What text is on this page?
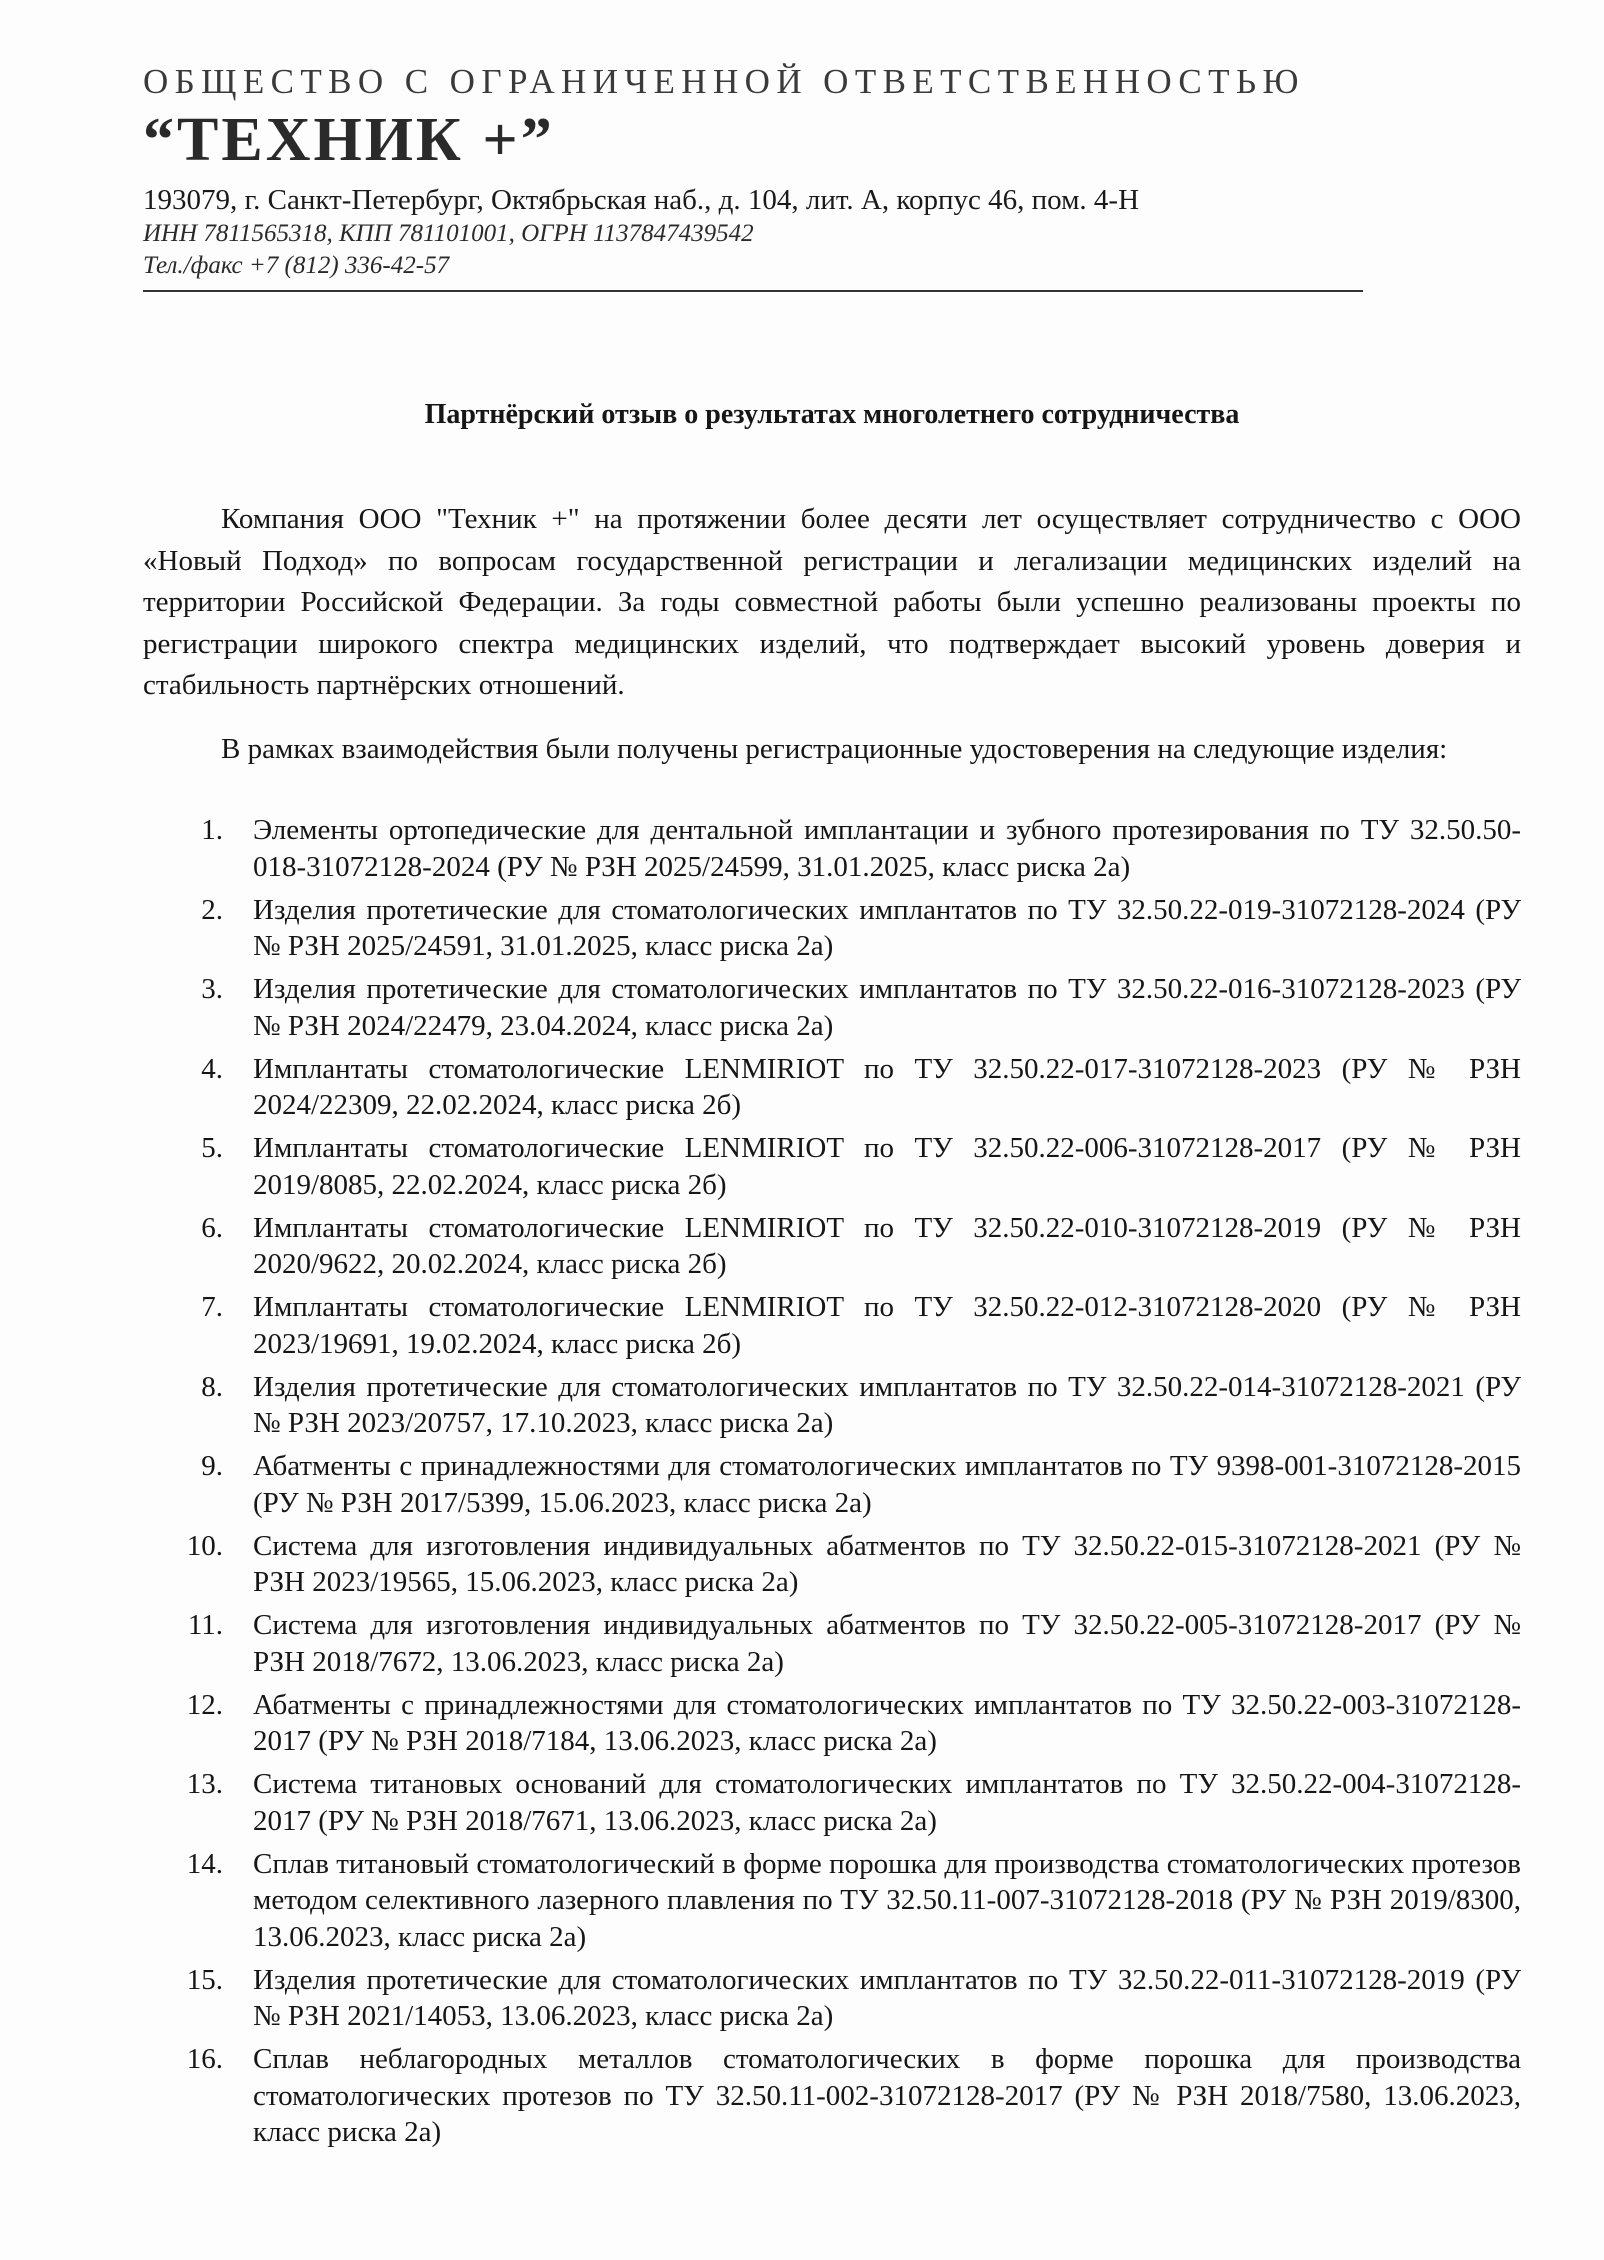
ОБЩЕСТВО С ОГРАНИЧЕННОЙ ОТВЕТСТВЕННОСТЬЮ
“ТЕХНИК +”
193079, г. Санкт-Петербург, Октябрьская наб., д. 104, лит. А, корпус 46, пом. 4-Н
ИНН 7811565318, КПП 781101001, ОГРН 1137847439542
Тел./факс +7 (812) 336-42-57
Партнёрский отзыв о результатах многолетнего сотрудничества

Компания ООО "Техник +" на протяжении более десяти лет осуществляет сотрудничество с ООО «Новый Подход» по вопросам государственной регистрации и легализации медицинских изделий на территории Российской Федерации. За годы совместной работы были успешно реализованы проекты по регистрации широкого спектра медицинских изделий, что подтверждает высокий уровень доверия и стабильность партнёрских отношений.

В рамках взаимодействия были получены регистрационные удостоверения на следующие изделия:

1. Элементы ортопедические для дентальной имплантации и зубного протезирования по ТУ 32.50.50-018-31072128-2024 (РУ № РЗН 2025/24599, 31.01.2025, класс риска 2а)
2. Изделия протетические для стоматологических имплантатов по ТУ 32.50.22-019-31072128-2024 (РУ № РЗН 2025/24591, 31.01.2025, класс риска 2а)
3. Изделия протетические для стоматологических имплантатов по ТУ 32.50.22-016-31072128-2023 (РУ № РЗН 2024/22479, 23.04.2024, класс риска 2а)
4. Имплантаты стоматологические LENMIRIOT по ТУ 32.50.22-017-31072128-2023 (РУ № РЗН 2024/22309, 22.02.2024, класс риска 2б)
5. Имплантаты стоматологические LENMIRIOT по ТУ 32.50.22-006-31072128-2017 (РУ № РЗН 2019/8085, 22.02.2024, класс риска 2б)
6. Имплантаты стоматологические LENMIRIOT по ТУ 32.50.22-010-31072128-2019 (РУ № РЗН 2020/9622, 20.02.2024, класс риска 2б)
7. Имплантаты стоматологические LENMIRIOT по ТУ 32.50.22-012-31072128-2020 (РУ № РЗН 2023/19691, 19.02.2024, класс риска 2б)
8. Изделия протетические для стоматологических имплантатов по ТУ 32.50.22-014-31072128-2021 (РУ № РЗН 2023/20757, 17.10.2023, класс риска 2а)
9. Абатменты с принадлежностями для стоматологических имплантатов по ТУ 9398-001-31072128-2015 (РУ № РЗН 2017/5399, 15.06.2023, класс риска 2а)
10. Система для изготовления индивидуальных абатментов по ТУ 32.50.22-015-31072128-2021 (РУ № РЗН 2023/19565, 15.06.2023, класс риска 2а)
11. Система для изготовления индивидуальных абатментов по ТУ 32.50.22-005-31072128-2017 (РУ № РЗН 2018/7672, 13.06.2023, класс риска 2а)
12. Абатменты с принадлежностями для стоматологических имплантатов по ТУ 32.50.22-003-31072128-2017 (РУ № РЗН 2018/7184, 13.06.2023, класс риска 2а)
13. Система титановых оснований для стоматологических имплантатов по ТУ 32.50.22-004-31072128-2017 (РУ № РЗН 2018/7671, 13.06.2023, класс риска 2а)
14. Сплав титановый стоматологический в форме порошка для производства стоматологических протезов методом селективного лазерного плавления по ТУ 32.50.11-007-31072128-2018 (РУ № РЗН 2019/8300, 13.06.2023, класс риска 2а)
15. Изделия протетические для стоматологических имплантатов по ТУ 32.50.22-011-31072128-2019 (РУ № РЗН 2021/14053, 13.06.2023, класс риска 2а)
16. Сплав неблагородных металлов стоматологических в форме порошка для производства стоматологических протезов по ТУ 32.50.11-002-31072128-2017 (РУ № РЗН 2018/7580, 13.06.2023, класс риска 2а)
